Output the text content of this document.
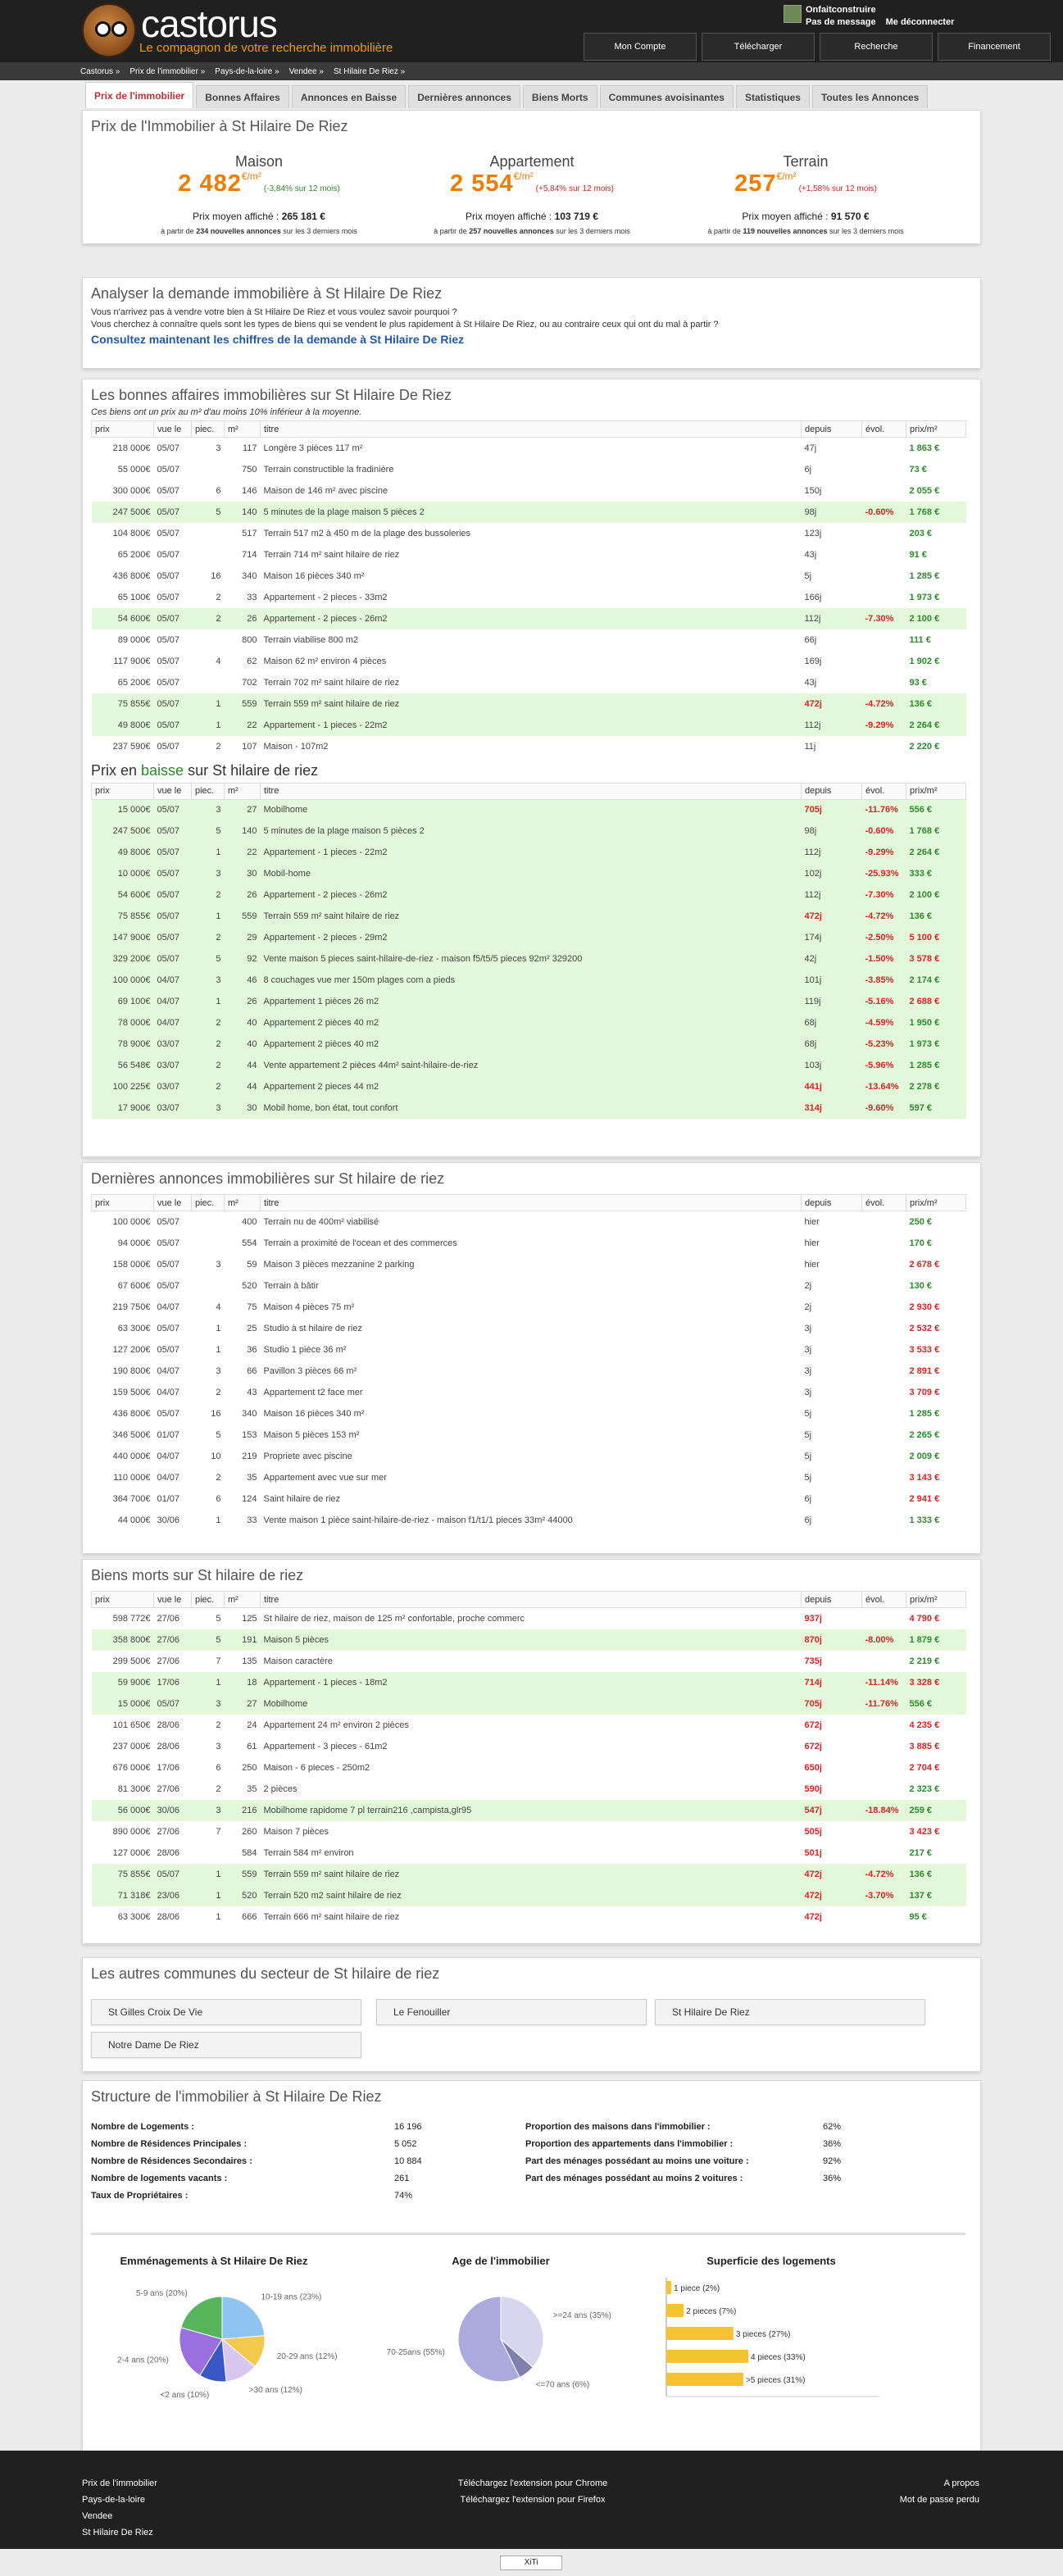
castorus
Le compagnon de votre recherche immobilière
Onfaitconstruire
Pas de message Me déconnecter
Mon Compte	Télécharger	Recherche	Financement
Castorus » Prix de l'immobilier » Pays-de-la-loire » Vendee » St Hilaire De Riez »
Prix de l'immobilier	Bonnes Affaires	Annonces en Baisse	Dernières annonces	Biens Morts	Communes avoisinantes	Statistiques	Toutes les Annonces
Prix de l'Immobilier à St Hilaire De Riez
Maison
2 482€/m² (-3,84% sur 12 mois)
Prix moyen affiché : 265 181 €
à partir de 234 nouvelles annonces sur les 3 derniers mois
Appartement
2 554€/m² (+5,84% sur 12 mois)
Prix moyen affiché : 103 719 €
à partir de 257 nouvelles annonces sur les 3 derniers mois
Terrain
257€/m² (+1,58% sur 12 mois)
Prix moyen affiché : 91 570 €
à partir de 119 nouvelles annonces sur les 3 derniers mois
Analyser la demande immobilière à St Hilaire De Riez
Vous n'arrivez pas à vendre votre bien à St Hilaire De Riez et vous voulez savoir pourquoi ?
Vous cherchez à connaître quels sont les types de biens qui se vendent le plus rapidement à St Hilaire De Riez, ou au contraire ceux qui ont du mal à partir ?
Consultez maintenant les chiffres de la demande à St Hilaire De Riez
Les bonnes affaires immobilières sur St Hilaire De Riez
Ces biens ont un prix au m² d'au moins 10% inférieur à la moyenne.
prix	vue le	piec.	m²	titre	depuis	évol.	prix/m²
218 000€	05/07	3	117	Longère 3 pièces 117 m²	47j		1 863 €
55 000€	05/07		750	Terrain constructible la fradinière	6j		73 €
300 000€	05/07	6	146	Maison de 146 m² avec piscine	150j		2 055 €
247 500€	05/07	5	140	5 minutes de la plage maison 5 pièces 2	98j	-0.60%	1 768 €
104 800€	05/07		517	Terrain 517 m2 à 450 m de la plage des bussoleries	123j		203 €
65 200€	05/07		714	Terrain 714 m² saint hilaire de riez	43j		91 €
436 800€	05/07	16	340	Maison 16 pièces 340 m²	5j		1 285 €
65 100€	05/07	2	33	Appartement - 2 pieces - 33m2	166j		1 973 €
54 600€	05/07	2	26	Appartement - 2 pieces - 26m2	112j	-7.30%	2 100 €
89 000€	05/07		800	Terrain viabilise 800 m2	66j		111 €
117 900€	05/07	4	62	Maison 62 m² environ 4 pièces	169j		1 902 €
65 200€	05/07		702	Terrain 702 m² saint hilaire de riez	43j		93 €
75 855€	05/07	1	559	Terrain 559 m² saint hilaire de riez	472j	-4.72%	136 €
49 800€	05/07	1	22	Appartement - 1 pieces - 22m2	112j	-9.29%	2 264 €
237 590€	05/07	2	107	Maison - 107m2	11j		2 220 €
Prix en baisse sur St hilaire de riez
prix	vue le	piec.	m²	titre	depuis	évol.	prix/m²
15 000€	05/07	3	27	Mobilhome	705j	-11.76%	556 €
247 500€	05/07	5	140	5 minutes de la plage maison 5 pièces 2	98j	-0.60%	1 768 €
49 800€	05/07	1	22	Appartement - 1 pieces - 22m2	112j	-9.29%	2 264 €
10 000€	05/07	3	30	Mobil-home	102j	-25.93%	333 €
54 600€	05/07	2	26	Appartement - 2 pieces - 26m2	112j	-7.30%	2 100 €
75 855€	05/07	1	559	Terrain 559 m² saint hilaire de riez	472j	-4.72%	136 €
147 900€	05/07	2	29	Appartement - 2 pieces - 29m2	174j	-2.50%	5 100 €
329 200€	05/07	5	92	Vente maison 5 pieces saint-hilaire-de-riez - maison f5/t5/5 pieces 92m² 329200	42j	-1.50%	3 578 €
100 000€	04/07	3	46	8 couchages vue mer 150m plages com a pieds	101j	-3.85%	2 174 €
69 100€	04/07	1	26	Appartement 1 pièces 26 m2	119j	-5.16%	2 688 €
78 000€	04/07	2	40	Appartement 2 pièces 40 m2	68j	-4.59%	1 950 €
78 900€	03/07	2	40	Appartement 2 pièces 40 m2	68j	-5.23%	1 973 €
56 548€	03/07	2	44	Vente appartement 2 pièces 44m² saint-hilaire-de-riez	103j	-5.96%	1 285 €
100 225€	03/07	2	44	Appartement 2 pieces 44 m2	441j	-13.64%	2 278 €
17 900€	03/07	3	30	Mobil home, bon état, tout confort	314j	-9.60%	597 €
Dernières annonces immobilières sur St hilaire de riez
prix	vue le	piec.	m²	titre	depuis	évol.	prix/m²
100 000€	05/07		400	Terrain nu de 400m² viabilisé	hier		250 €
94 000€	05/07		554	Terrain a proximité de l'ocean et des commerces	hier		170 €
158 000€	05/07	3	59	Maison 3 pièces mezzanine 2 parking	hier		2 678 €
67 600€	05/07		520	Terrain à bâtir	2j		130 €
219 750€	04/07	4	75	Maison 4 pièces 75 m²	2j		2 930 €
63 300€	05/07	1	25	Studio à st hilaire de riez	3j		2 532 €
127 200€	05/07	1	36	Studio 1 pièce 36 m²	3j		3 533 €
190 800€	04/07	3	66	Pavillon 3 pièces 66 m²	3j		2 891 €
159 500€	04/07	2	43	Appartement t2 face mer	3j		3 709 €
436 800€	05/07	16	340	Maison 16 pièces 340 m²	5j		1 285 €
346 500€	01/07	5	153	Maison 5 pièces 153 m²	5j		2 265 €
440 000€	04/07	10	219	Propriete avec piscine	5j		2 009 €
110 000€	04/07	2	35	Appartement avec vue sur mer	5j		3 143 €
364 700€	01/07	6	124	Saint hilaire de riez	6j		2 941 €
44 000€	30/06	1	33	Vente maison 1 pièce saint-hilaire-de-riez - maison f1/t1/1 pieces 33m² 44000	6j		1 333 €
Biens morts sur St hilaire de riez
prix	vue le	piec.	m²	titre	depuis	évol.	prix/m²
598 772€	27/06	5	125	St hilaire de riez, maison de 125 m² confortable, proche commerc	937j		4 790 €
358 800€	27/06	5	191	Maison 5 pièces	870j	-8.00%	1 879 €
299 500€	27/06	7	135	Maison caractère	735j		2 219 €
59 900€	17/06	1	18	Appartement - 1 pieces - 18m2	714j	-11.14%	3 328 €
15 000€	05/07	3	27	Mobilhome	705j	-11.76%	556 €
101 650€	28/06	2	24	Appartement 24 m² environ 2 pièces	672j		4 235 €
237 000€	28/06	3	61	Appartement - 3 pieces - 61m2	672j		3 885 €
676 000€	17/06	6	250	Maison - 6 pieces - 250m2	650j		2 704 €
81 300€	27/06	2	35	2 pièces	590j		2 323 €
56 000€	30/06	3	216	Mobilhome rapidome 7 pl terrain216 ,campista,glr95	547j	-18.84%	259 €
890 000€	27/06	7	260	Maison 7 pièces	505j		3 423 €
127 000€	28/06		584	Terrain 584 m² environ	501j		217 €
75 855€	05/07	1	559	Terrain 559 m² saint hilaire de riez	472j	-4.72%	136 €
71 318€	23/06	1	520	Terrain 520 m2 saint hilaire de riez	472j	-3.70%	137 €
63 300€	28/06	1	666	Terrain 666 m² saint hilaire de riez	472j		95 €
Les autres communes du secteur de St hilaire de riez
St Gilles Croix De Vie	Le Fenouiller	St Hilaire De Riez
Notre Dame De Riez
Structure de l'immobilier à St Hilaire De Riez
Nombre de Logements :	16 196
Nombre de Résidences Principales :	5 052
Nombre de Résidences Secondaires :	10 884
Nombre de logements vacants :	261
Taux de Propriétaires :	74%
Proportion des maisons dans l'immobilier :	62%
Proportion des appartements dans l'immobilier :	36%
Part des ménages possédant au moins une voiture :	92%
Part des ménages possédant au moins 2 voitures :	36%
Emménagements à St Hilaire De Riez
10-19 ans (23%)
20-29 ans (12%)
>30 ans (12%)
<2 ans (10%)
2-4 ans (20%)
5-9 ans (20%)
Age de l'immobilier
>=24 ans (35%)
<=70 ans (6%)
70-25ans (55%)
Superficie des logements
1 piece (2%)
2 pieces (7%)
3 pieces (27%)
4 pieces (33%)
>5 pieces (31%)
Prix de l'immobilier
Pays-de-la-loire
Vendee
St Hilaire De Riez
Téléchargez l'extension pour Chrome
Téléchargez l'extension pour Firefox
A propos
Mot de passe perdu
XiTi
